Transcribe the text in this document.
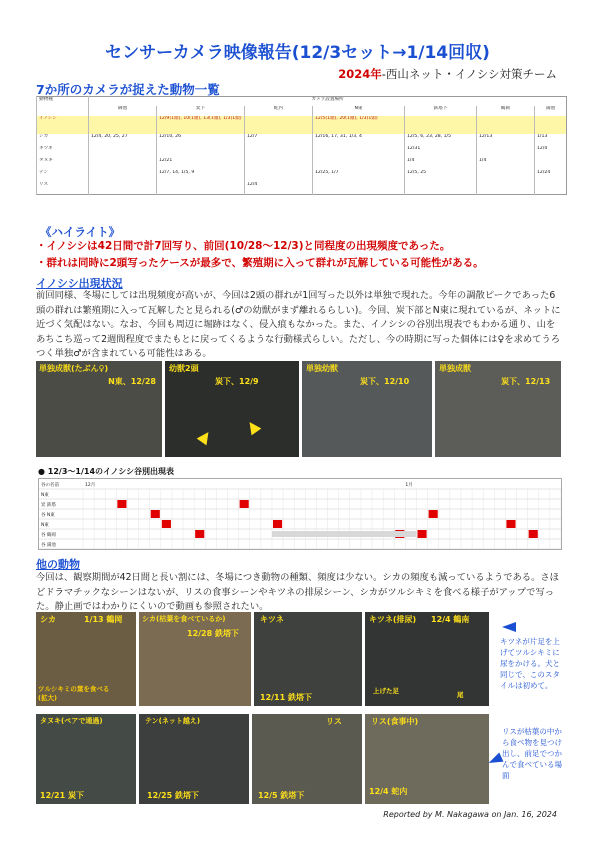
センサーカメラ映像報告(12/3セット→1/14回収)
2024年-西山ネット・イノシシ対策チーム
7か所のカメラが捉えた動物一覧
動物種	カメラ設置場所						
	御池	炭下	蛇内	N東	鉄塔下	鶴岡	満池
イノシシ		12/9(1頭), 10(1頭), 13(1頭), 1/3(1頭)		12/5(1頭), 20(1頭), 1/3(1頭)			
シカ	12/4, 20, 25, 27	12/10, 26	12/7	12/16, 17, 31, 1/3, 4	12/5, 6, 23, 28, 1/5	12/13	1/13
キツネ					12/31		12/4
タヌキ		12/21			1/4	1/4	
テン		12/7, 14, 1/5, 9		12/25, 1/7	12/5, 25		12/24
リス			12/4				
《ハイライト》
・イノシシは42日間で計7回写り、前回(10/28～12/3)と同程度の出現頻度であった。
・群れは同時に2頭写ったケースが最多で、繁殖期に入って群れが瓦解している可能性がある。
イノシシ出現状況
前回同様、冬場にしては出現頻度が高いが、今回は2頭の群れが1回写った以外は単独で現れた。今年の調散ピークであった6頭の群れは繁殖期に入って瓦解したと見られる(♂の幼獣がまず離れるらしい)。今回、炭下部とN東に現れているが、ネットに近づく気配はない。なお、今回も周辺に堀跡はなく、侵入痕もなかった。また、イノシシの谷別出現表でもわかる通り、山をあちこち巡って2週間程度でまたもとに戻ってくるような行動様式らしい。ただし、今の時期に写った個体には♀を求めてうろつく単独♂が含まれている可能性はある。
単独成獣(たぶん♀)
N東、12/28
幼獣2頭
炭下、12/9
単独幼獣
炭下、12/10
単独成獣
炭下、12/13
● 12/3～1/14のイノシシ谷別出現表
谷の名前
N東
炭 鉄塔
谷 N東
N東
谷 鶴岡
谷 満池
12月	1月
他の動物
今回は、観察期間が42日間と長い割には、冬場につき動物の種類、頻度は少ない。シカの頻度も減っているようである。さほどドラマチックなシーンはないが、リスの食事シーンやキツネの排尿シーン、シカがツルシキミを食べる様子がアップで写った。静止画ではわかりにくいので動画も参照されたい。
シカ	1/13 鶴岡
ツルシキミの葉を食べる(拡大)
シカ(枯葉を食べているか)
12/28 鉄塔下
キツネ
12/11 鉄塔下
キツネ(排尿) 12/4 鶴南
上げた足	尾
キツネが片足を上げてツルシキミに尿をかける。犬と同じで、このスタイルは初めて。
タヌキ(ペアで通過)
12/21 炭下
テン(ネット越え)
12/25 鉄塔下
リス
12/5 鉄塔下
リス(食事中)
12/4 蛇内
リスが枯葉の中から食べ物を見つけ出し、前足でつかんで食べている場面
Reported by M. Nakagawa on Jan. 16, 2024
